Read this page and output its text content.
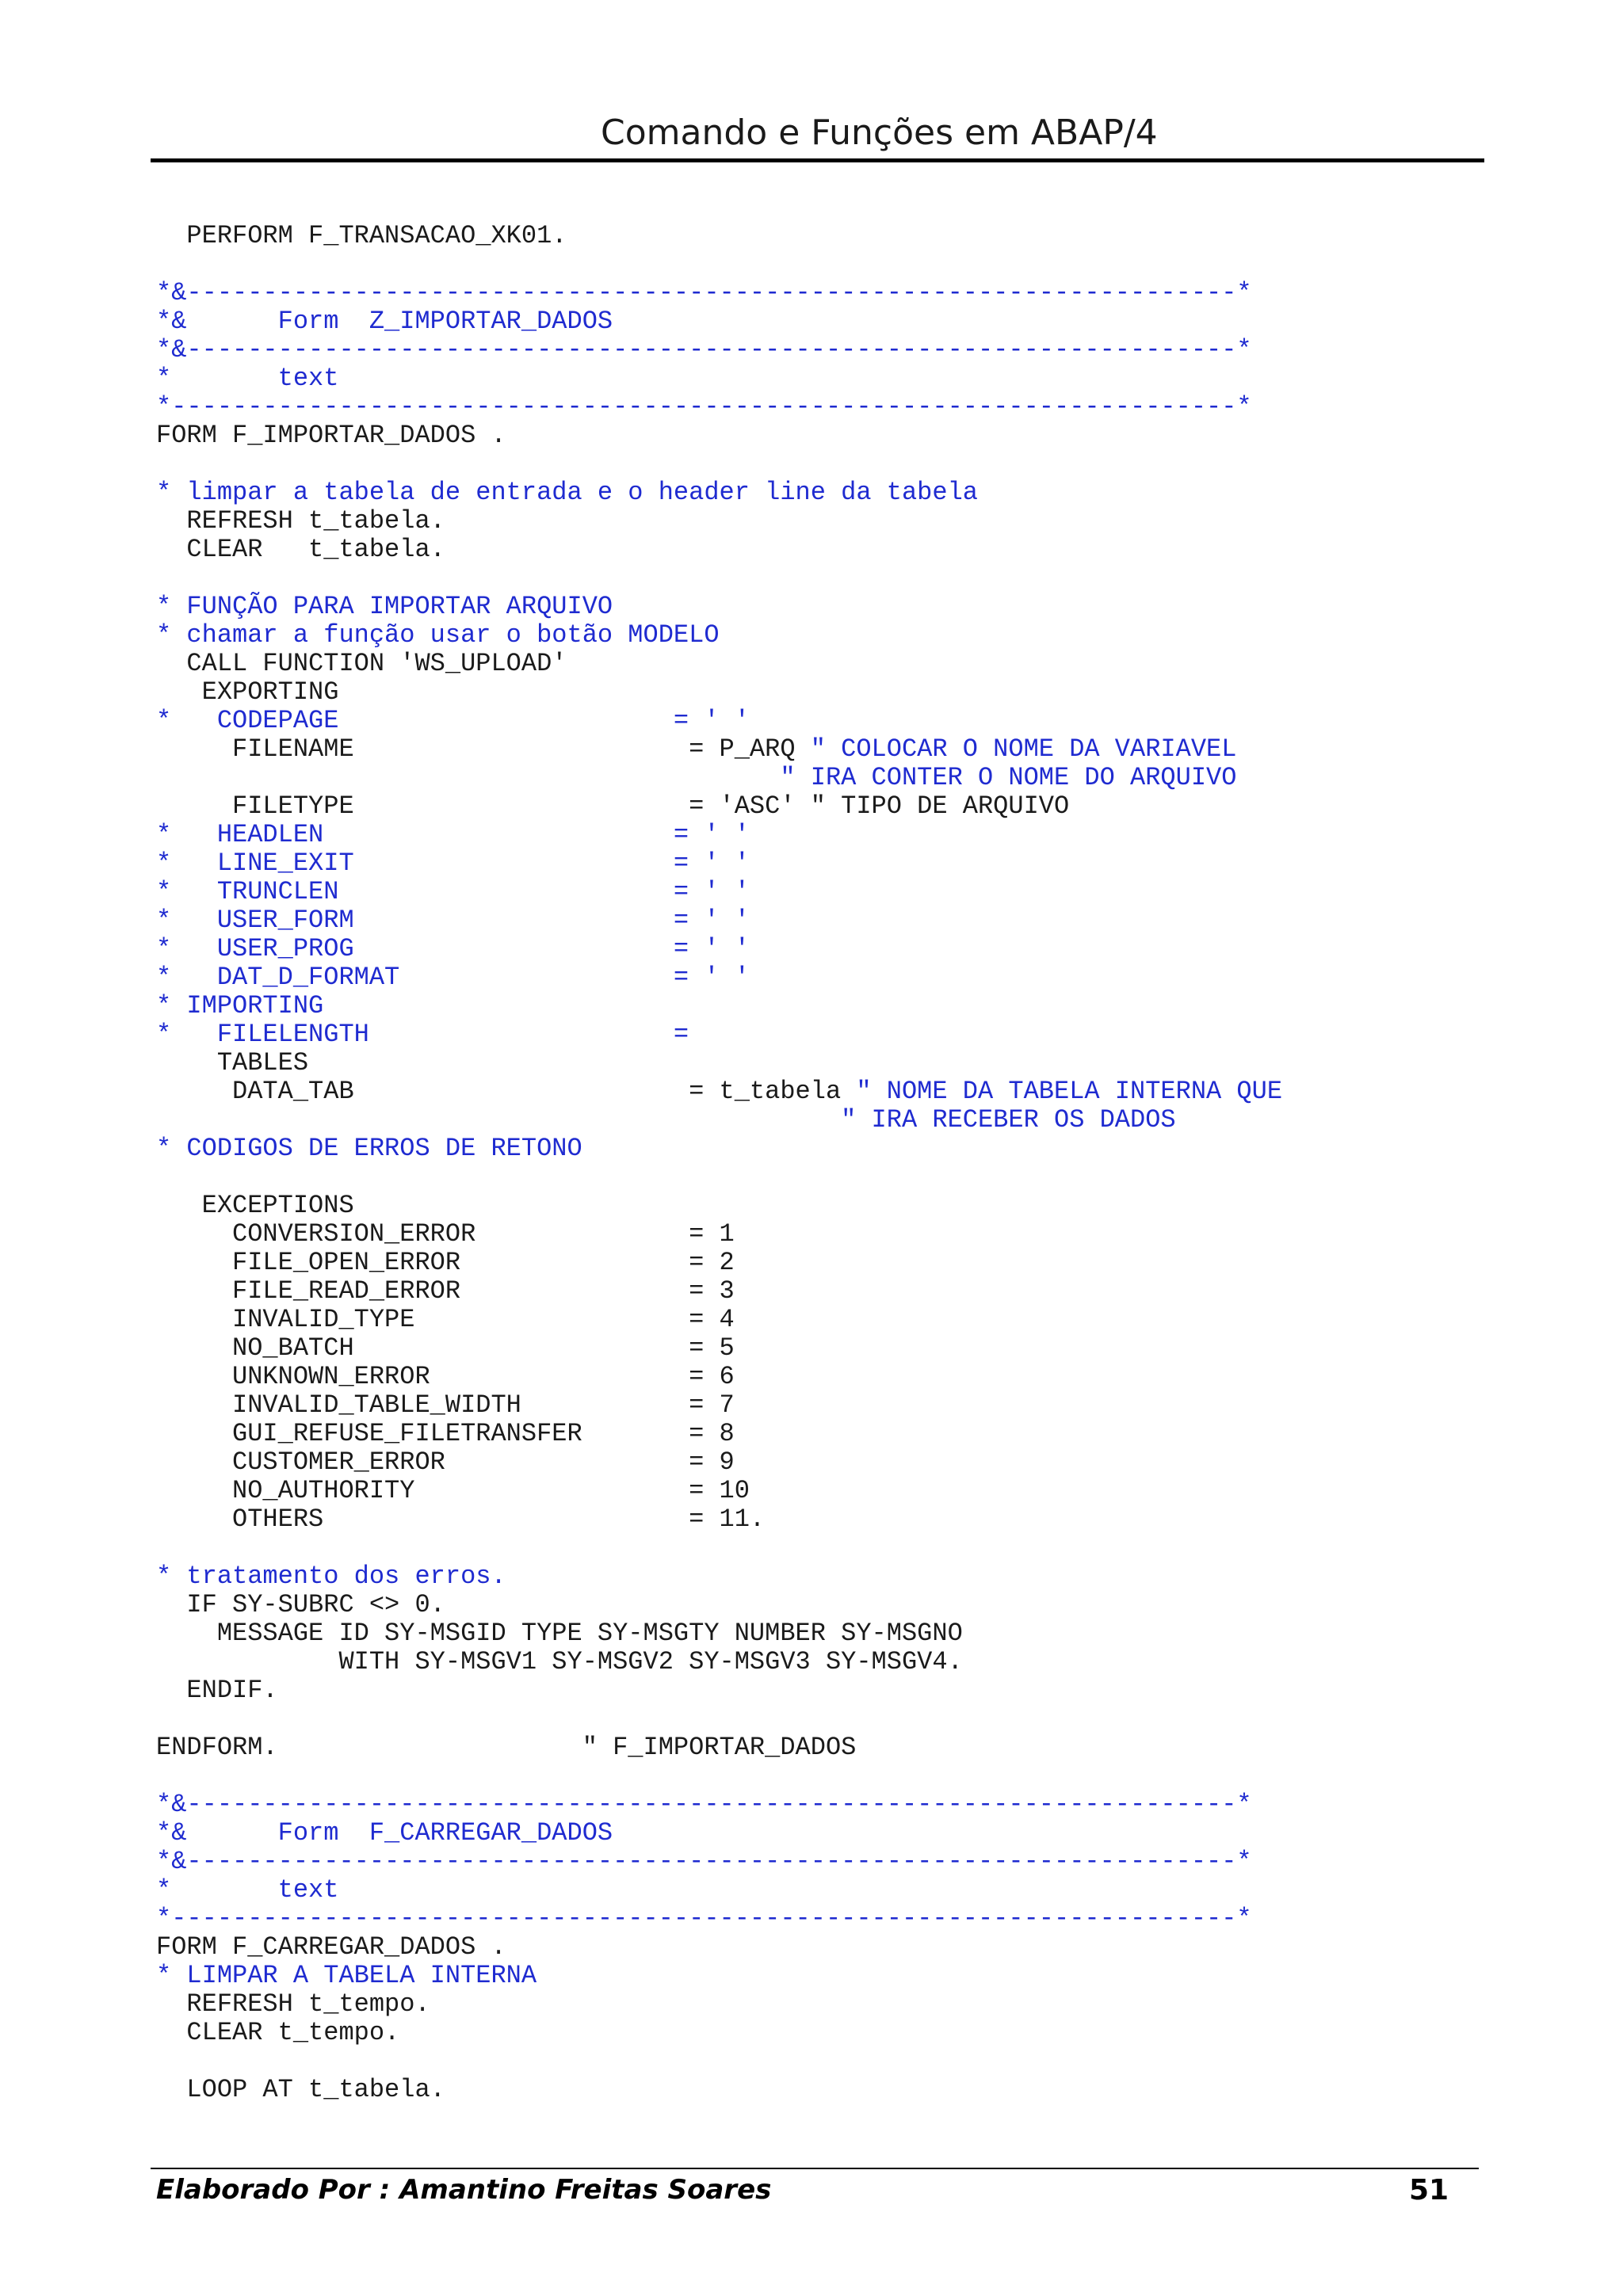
Comando e Funções em ABAP/4
PERFORM F_TRANSACAO_XK01.
*&---------------------------------------------------------------------*
*&      Form  Z_IMPORTAR_DADOS
*&---------------------------------------------------------------------*
*       text
*----------------------------------------------------------------------*
FORM F_IMPORTAR_DADOS .
* limpar a tabela de entrada e o header line da tabela
REFRESH t_tabela.
CLEAR   t_tabela.
* FUNÇÃO PARA IMPORTAR ARQUIVO
* chamar a função usar o botão MODELO
CALL FUNCTION 'WS_UPLOAD'
EXPORTING
*   CODEPAGE                      = ' '
FILENAME                      = P_ARQ " COLOCAR O NOME DA VARIAVEL
" IRA CONTER O NOME DO ARQUIVO
FILETYPE                      = 'ASC' " TIPO DE ARQUIVO
*   HEADLEN                       = ' '
*   LINE_EXIT                     = ' '
*   TRUNCLEN                      = ' '
*   USER_FORM                     = ' '
*   USER_PROG                     = ' '
*   DAT_D_FORMAT                  = ' '
* IMPORTING
*   FILELENGTH                    =
TABLES
DATA_TAB                      = t_tabela " NOME DA TABELA INTERNA QUE
" IRA RECEBER OS DADOS
* CODIGOS DE ERROS DE RETONO
EXCEPTIONS
CONVERSION_ERROR              = 1
FILE_OPEN_ERROR               = 2
FILE_READ_ERROR               = 3
INVALID_TYPE                  = 4
NO_BATCH                      = 5
UNKNOWN_ERROR                 = 6
INVALID_TABLE_WIDTH           = 7
GUI_REFUSE_FILETRANSFER       = 8
CUSTOMER_ERROR                = 9
NO_AUTHORITY                  = 10
OTHERS                        = 11.
* tratamento dos erros.
IF SY-SUBRC <> 0.
MESSAGE ID SY-MSGID TYPE SY-MSGTY NUMBER SY-MSGNO
WITH SY-MSGV1 SY-MSGV2 SY-MSGV3 SY-MSGV4.
ENDIF.
ENDFORM.                    " F_IMPORTAR_DADOS
*&---------------------------------------------------------------------*
*&      Form  F_CARREGAR_DADOS
*&---------------------------------------------------------------------*
*       text
*----------------------------------------------------------------------*
FORM F_CARREGAR_DADOS .
* LIMPAR A TABELA INTERNA
REFRESH t_tempo.
CLEAR t_tempo.
LOOP AT t_tabela.
Elaborado Por : Amantino Freitas Soares	51
